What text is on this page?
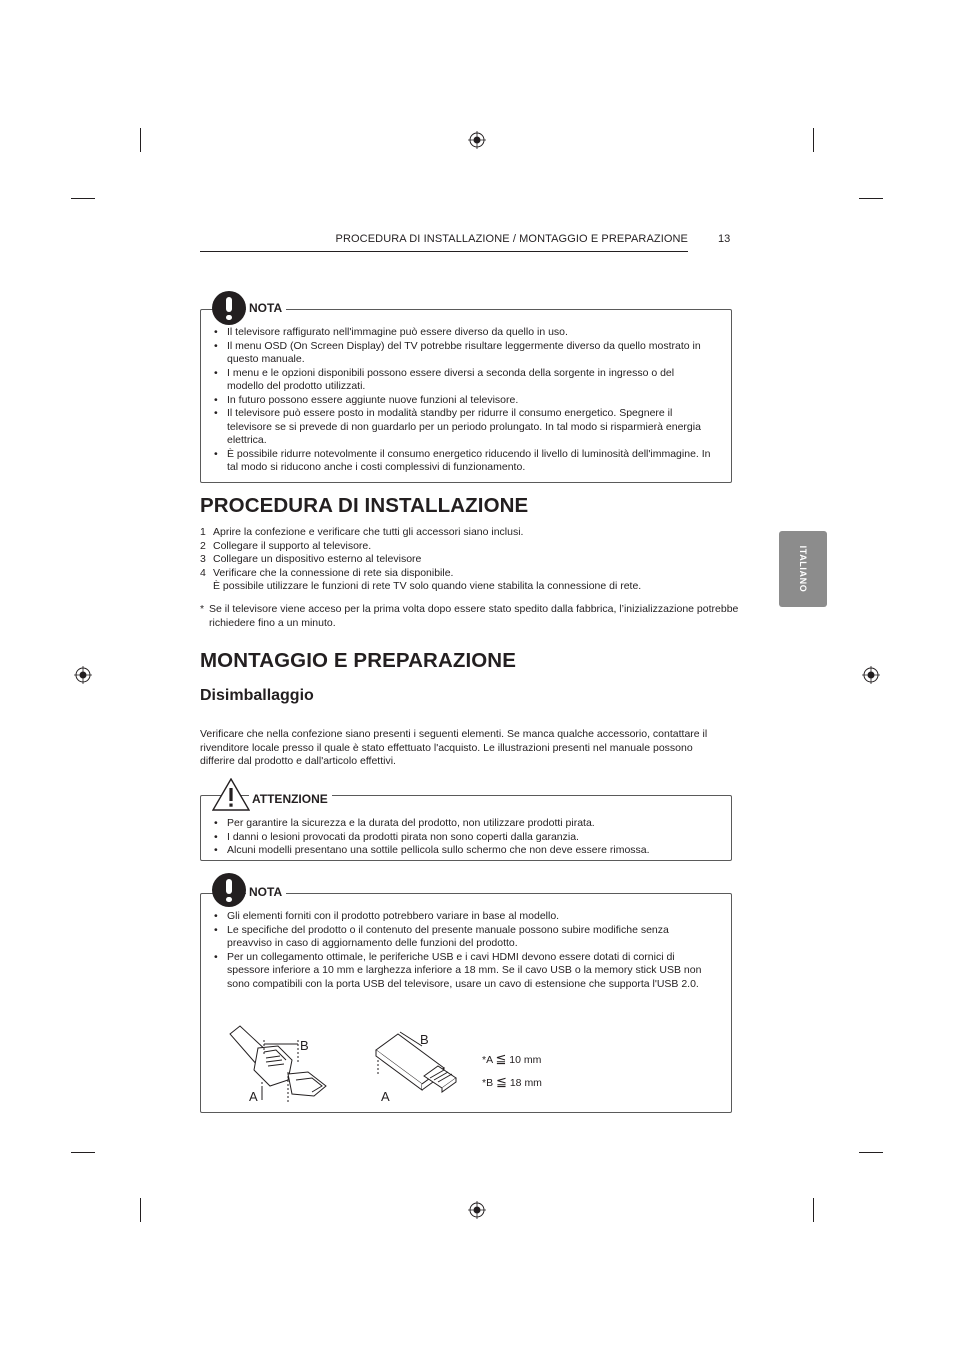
PROCEDURA DI INSTALLAZIONE / MONTAGGIO E PREPARAZIONE	13
ITALIANO
NOTA
• Il televisore raffigurato nell'immagine può essere diverso da quello in uso.
• Il menu OSD (On Screen Display) del TV potrebbe risultare leggermente diverso da quello mostrato in questo manuale.
• I menu e le opzioni disponibili possono essere diversi a seconda della sorgente in ingresso o del modello del prodotto utilizzati.
• In futuro possono essere aggiunte nuove funzioni al televisore.
• Il televisore può essere posto in modalità standby per ridurre il consumo energetico. Spegnere il televisore se si prevede di non guardarlo per un periodo prolungato. In tal modo si risparmierà energia elettrica.
• È possibile ridurre notevolmente il consumo energetico riducendo il livello di luminosità dell'immagine. In tal modo si riducono anche i costi complessivi di funzionamento.
PROCEDURA DI INSTALLAZIONE
1 Aprire la confezione e verificare che tutti gli accessori siano inclusi.
2 Collegare il supporto al televisore.
3 Collegare un dispositivo esterno al televisore
4 Verificare che la connessione di rete sia disponibile.
È possibile utilizzare le funzioni di rete TV solo quando viene stabilita la connessione di rete.
* Se il televisore viene acceso per la prima volta dopo essere stato spedito dalla fabbrica, l’inizializzazione potrebbe richiedere fino a un minuto.
MONTAGGIO E PREPARAZIONE
Disimballaggio
Verificare che nella confezione siano presenti i seguenti elementi. Se manca qualche accessorio, contattare il rivenditore locale presso il quale è stato effettuato l'acquisto. Le illustrazioni presenti nel manuale possono differire dal prodotto e dall'articolo effettivi.
ATTENZIONE
• Per garantire la sicurezza e la durata del prodotto, non utilizzare prodotti pirata.
• I danni o lesioni provocati da prodotti pirata non sono coperti dalla garanzia.
• Alcuni modelli presentano una sottile pellicola sullo schermo che non deve essere rimossa.
NOTA
• Gli elementi forniti con il prodotto potrebbero variare in base al modello.
• Le specifiche del prodotto o il contenuto del presente manuale possono subire modifiche senza preavviso in caso di aggiornamento delle funzioni del prodotto.
• Per un collegamento ottimale, le periferiche USB e i cavi HDMI devono essere dotati di cornici di spessore inferiore a 10 mm e larghezza inferiore a 18 mm. Se il cavo USB o la memory stick USB non sono compatibili con la porta USB del televisore, usare un cavo di estensione che supporta l'USB 2.0.
B
A
B
A
*A ≦ 10 mm
*B ≦ 18 mm
